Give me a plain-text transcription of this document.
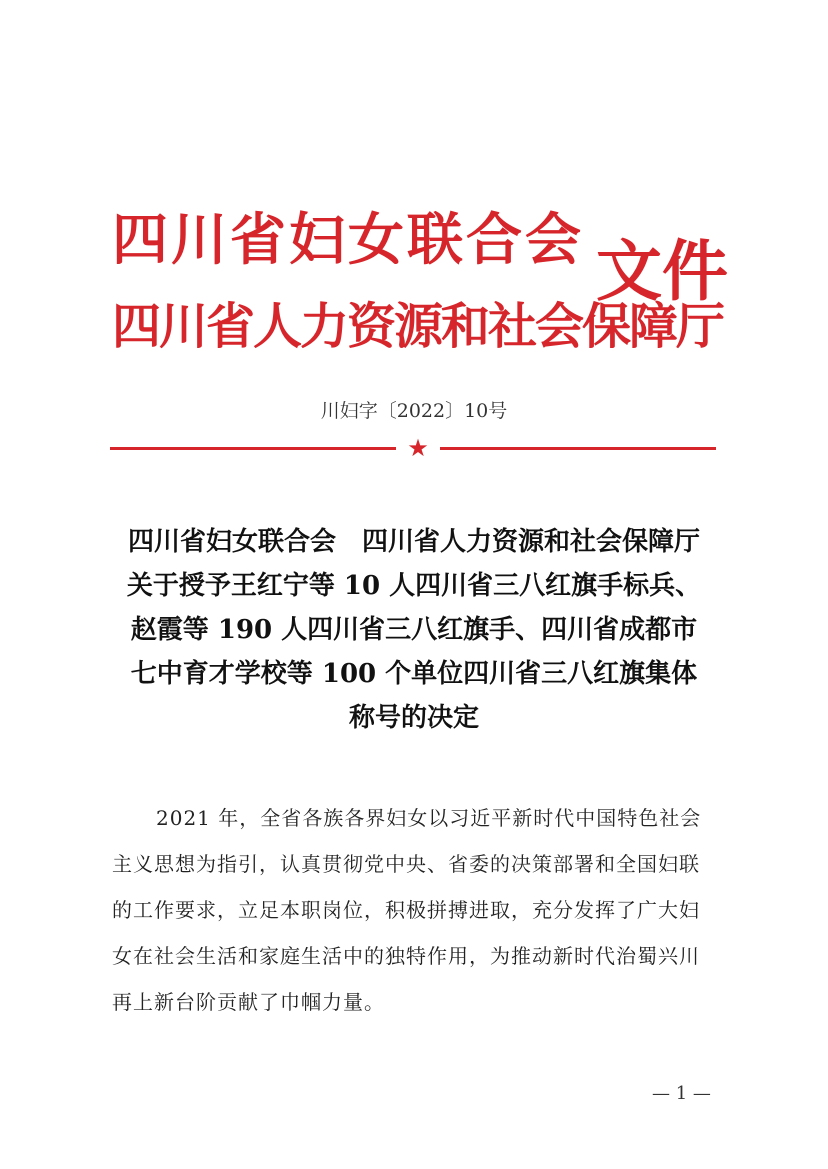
四川省妇女联合会
四川省人力资源和社会保障厅
文件
川妇字〔2022〕10号
★
四川省妇女联合会　四川省人力资源和社会保障厅
关于授予王红宁等 10 人四川省三八红旗手标兵、
赵霞等 190 人四川省三八红旗手、四川省成都市
七中育才学校等 100 个单位四川省三八红旗集体
称号的决定
2021 年，全省各族各界妇女以习近平新时代中国特色社会
主义思想为指引，认真贯彻党中央、省委的决策部署和全国妇联
的工作要求，立足本职岗位，积极拼搏进取，充分发挥了广大妇
女在社会生活和家庭生活中的独特作用，为推动新时代治蜀兴川
再上新台阶贡献了巾帼力量。
— 1 —
